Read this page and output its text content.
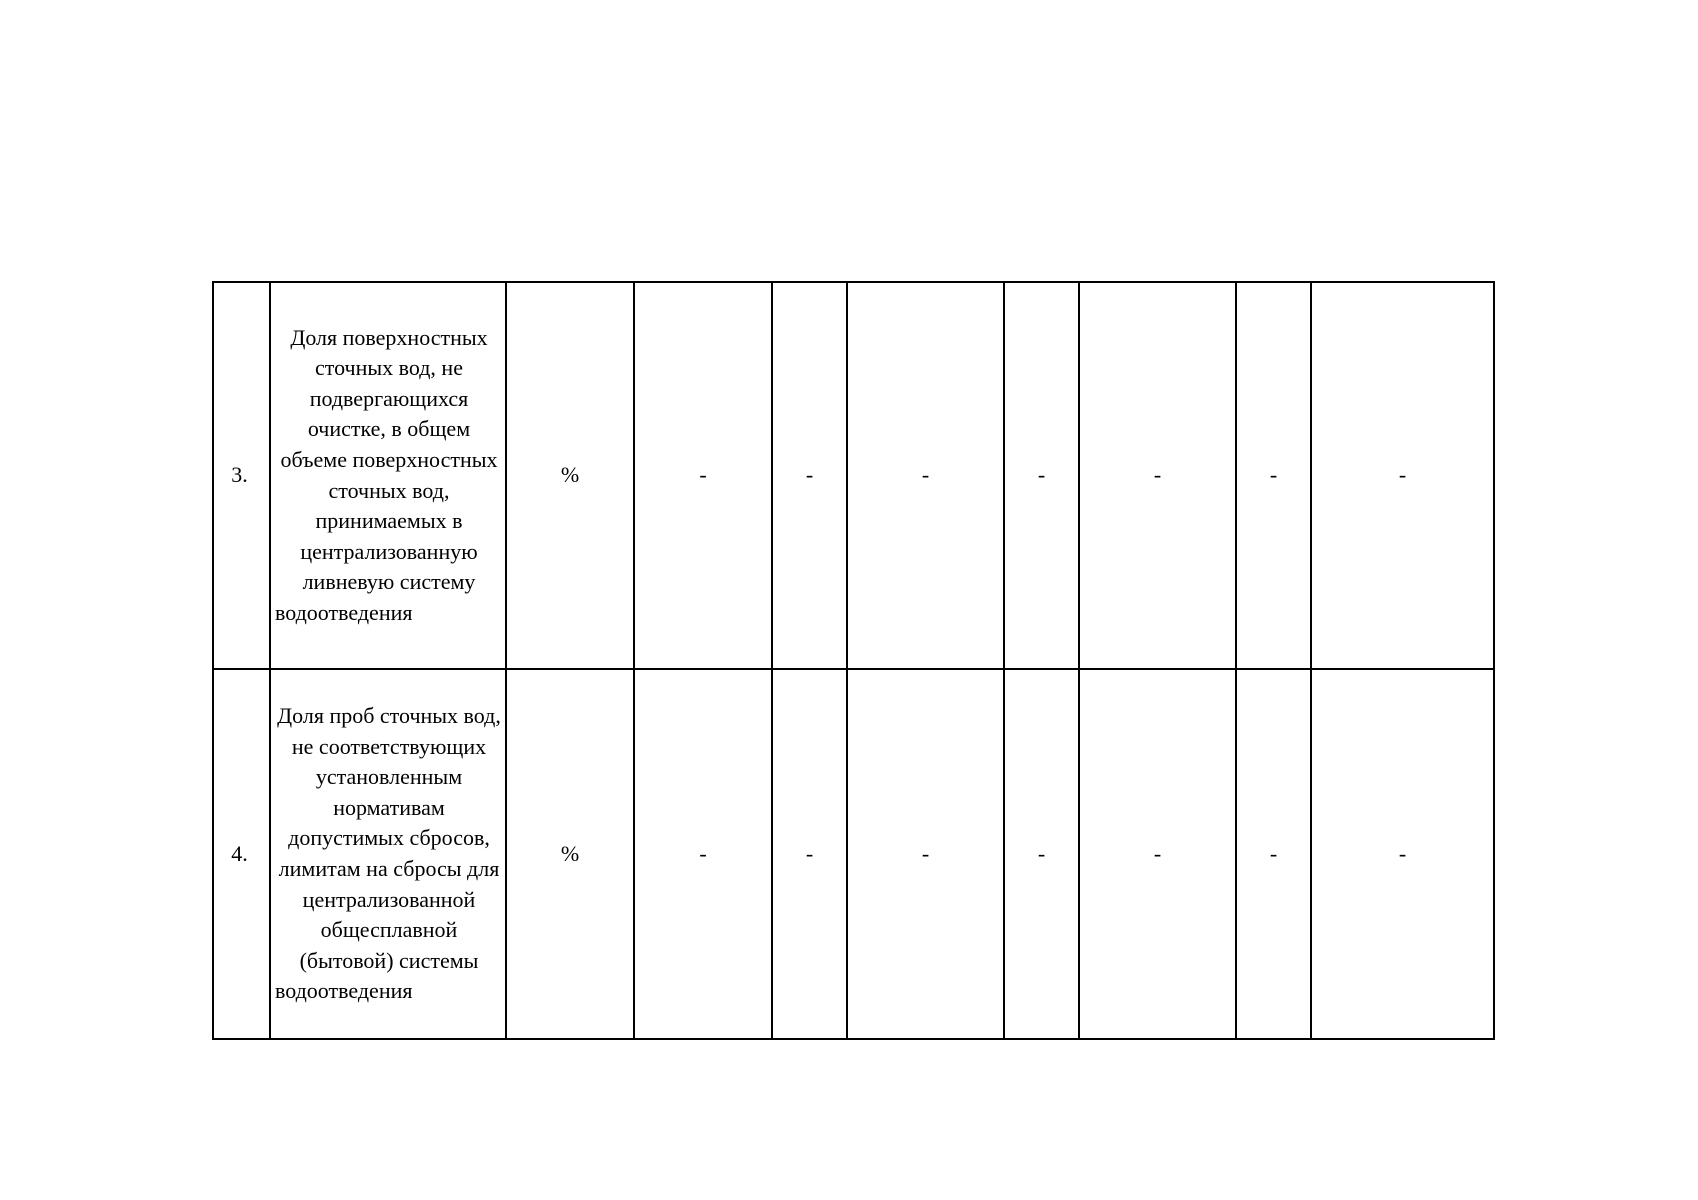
3.	Доля поверхностных сточных вод, не подвергающихся очистке, в общем объеме поверхностных сточных вод, принимаемых в централизованную ливневую систему водоотведения	%	-	-	-	-	-	-	-
4.	Доля проб сточных вод, не соответствующих установленным нормативам допустимых сбросов, лимитам на сбросы для централизованной общесплавной (бытовой) системы водоотведения	%	-	-	-	-	-	-	-
